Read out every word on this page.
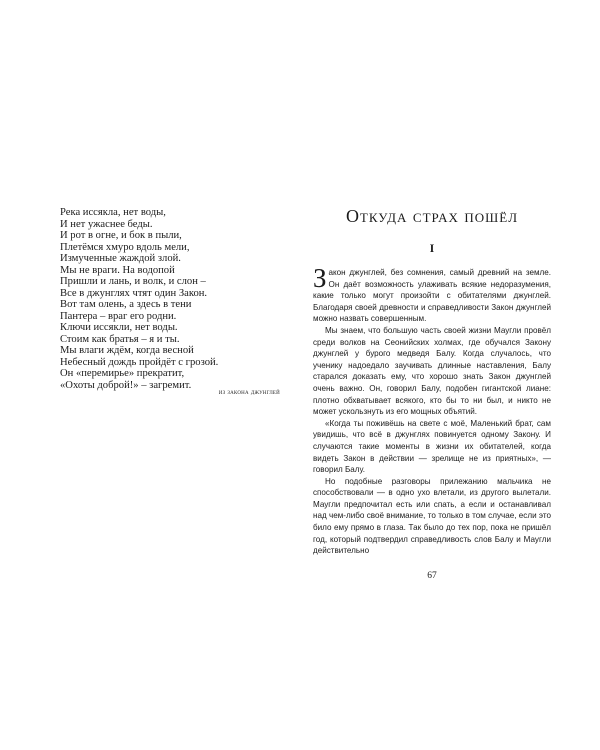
Река иссякла, нет воды,
И нет ужаснее беды.
И рот в огне, и бок в пыли,
Плетёмся хмуро вдоль мели,
Измученные жаждой злой.
Мы не враги. На водопой
Пришли и лань, и волк, и слон –
Все в джунглях чтят один Закон.
Вот там олень, а здесь в тени
Пантера – враг его родни.
Ключи иссякли, нет воды.
Стоим как братья – я и ты.
Мы влаги ждём, когда весной
Небесный дождь пройдёт с грозой.
Он «перемирье» прекратит,
«Охоты доброй!» – загремит.
из закона джунглей
Откуда страх пошёл
I

Закон джунглей, без сомнения, самый древний на земле. Он даёт возможность улаживать всякие недоразумения, какие только могут произойти с обитателями джунглей. Благодаря своей древности и справедливости Закон джунглей можно назвать совершенным.

Мы знаем, что большую часть своей жизни Маугли провёл среди волков на Сеонийских холмах, где обучался Закону джунглей у бурого медведя Балу. Когда случалось, что ученику надоедало заучивать длинные наставления, Балу старался доказать ему, что хорошо знать Закон джунглей очень важно. Он, говорил Балу, подобен гигантской лиане: плотно обхватывает всякого, кто бы то ни был, и никто не может ускользнуть из его мощных объятий.

«Когда ты поживёшь на свете с моё, Маленький брат, сам увидишь, что всё в джунглях повинуется одному Закону. И случаются такие моменты в жизни их обитателей, когда видеть Закон в действии — зрелище не из приятных», — говорил Балу.

Но подобные разговоры прилежанию мальчика не способствовали — в одно ухо влетали, из другого вылетали. Маугли предпочитал есть или спать, а если и останавливал над чем-либо своё внимание, то только в том случае, если это било ему прямо в глаза. Так было до тех пор, пока не пришёл год, который подтвердил справедливость слов Балу и Маугли действительно

67
